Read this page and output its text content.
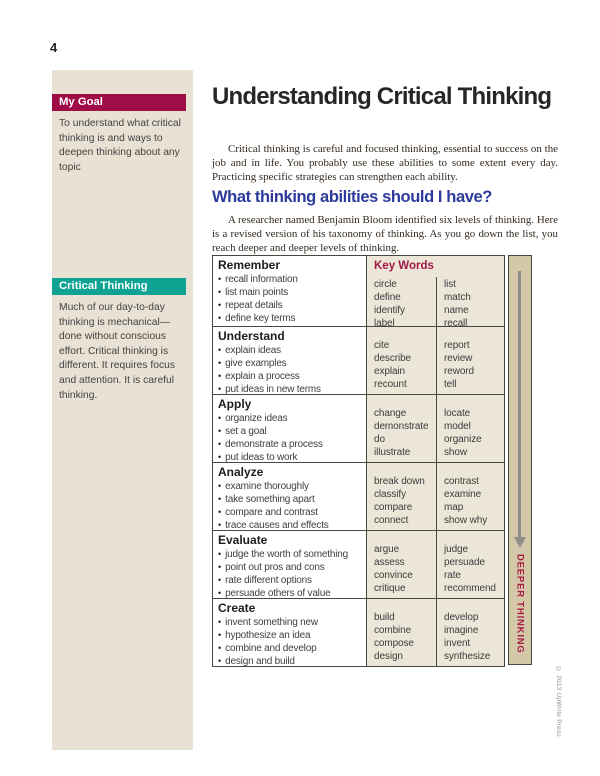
4
My Goal
To understand what critical thinking is and ways to deepen thinking about any topic
Critical Thinking
Much of our day-to-day thinking is mechanical—done without conscious effort. Critical thinking is different. It requires focus and attention. It is careful thinking.
Understanding Critical Thinking
Critical thinking is careful and focused thinking, essential to success on the job and in life. You probably use these abilities to some extent every day. Practicing specific strategies can strengthen each ability.
What thinking abilities should I have?
A researcher named Benjamin Bloom identified six levels of thinking. Here is a revised version of his taxonomy of thinking. As you go down the list, you reach deeper and deeper levels of thinking.
Remember
• recall information
• list main points
• repeat details
• define key terms
Key Words
circle
define
identify
label
list
match
name
recall
Understand
• explain ideas
• give examples
• explain a process
• put ideas in new terms
cite
describe
explain
recount
report
review
reword
tell
Apply
• organize ideas
• set a goal
• demonstrate a process
• put ideas to work
change
demonstrate
do
illustrate
locate
model
organize
show
Analyze
• examine thoroughly
• take something apart
• compare and contrast
• trace causes and effects
break down
classify
compare
connect
contrast
examine
map
show why
Evaluate
• judge the worth of something
• point out pros and cons
• rate different options
• persuade others of value
argue
assess
convince
critique
judge
persuade
rate
recommend
Create
• invent something new
• hypothesize an idea
• combine and develop
• design and build
build
combine
compose
design
develop
imagine
invent
synthesize
DEEPER THINKING
© 2013 UpWrite Press
